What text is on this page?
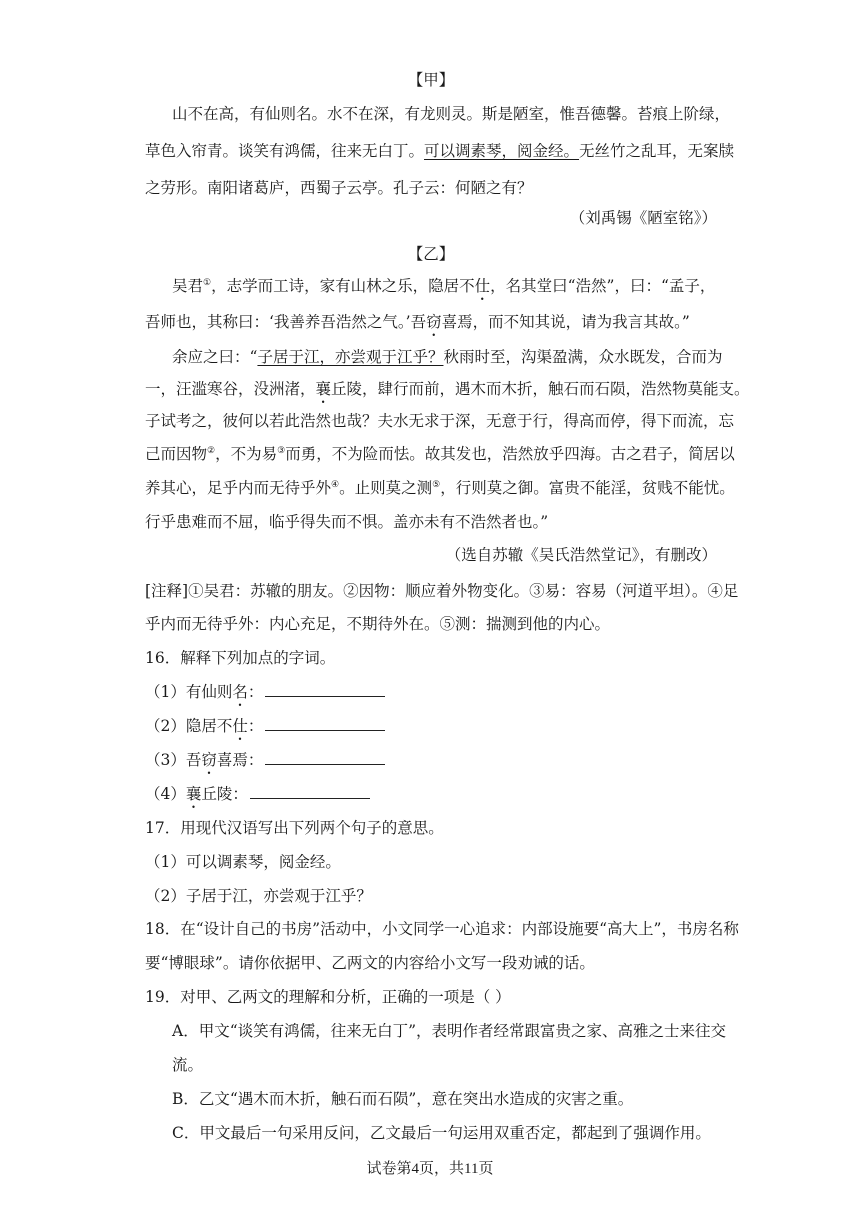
【甲】
山不在高，有仙则名。水不在深，有龙则灵。斯是陋室，惟吾德馨。苔痕上阶绿，
草色入帘青。谈笑有鸿儒，往来无白丁。可以调素琴，阅金经。无丝竹之乱耳，无案牍
之劳形。南阳诸葛庐，西蜀子云亭。孔子云：何陋之有？
（刘禹锡《陋室铭》）
【乙】
吴君①，志学而工诗，家有山林之乐，隐居不仕，名其堂曰“浩然”，曰：“孟子，
吾师也，其称曰：‘我善养吾浩然之气。’吾窃喜焉，而不知其说，请为我言其故。”
余应之曰：“子居于江，亦尝观于江乎？秋雨时至，沟渠盈满，众水既发，合而为
一，汪滥寒谷，没洲渚，襄丘陵，肆行而前，遇木而木折，触石而石陨，浩然物莫能支。
子试考之，彼何以若此浩然也哉？夫水无求于深，无意于行，得高而停，得下而流，忘
己而因物②，不为易③而勇，不为险而怯。故其发也，浩然放乎四海。古之君子，简居以
养其心，足乎内而无待乎外④。止则莫之测⑤，行则莫之御。富贵不能淫，贫贱不能忧。
行乎患难而不屈，临乎得失而不惧。盖亦未有不浩然者也。”
（选自苏辙《吴氏浩然堂记》，有删改）
[注释]①吴君：苏辙的朋友。②因物：顺应着外物变化。③易：容易（河道平坦）。④足
乎内而无待乎外：内心充足，不期待外在。⑤测：揣测到他的内心。
16．解释下列加点的字词。
（1）有仙则名：
（2）隐居不仕：
（3）吾窃喜焉：
（4）襄丘陵：
17．用现代汉语写出下列两个句子的意思。
（1）可以调素琴，阅金经。
（2）子居于江，亦尝观于江乎？
18．在“设计自己的书房”活动中，小文同学一心追求：内部设施要“高大上”，书房名称
要“博眼球”。请你依据甲、乙两文的内容给小文写一段劝诫的话。
19．对甲、乙两文的理解和分析，正确的一项是（ ）
A．甲文“谈笑有鸿儒，往来无白丁”，表明作者经常跟富贵之家、高雅之士来往交
流。
B．乙文“遇木而木折，触石而石陨”，意在突出水造成的灾害之重。
C．甲文最后一句采用反问，乙文最后一句运用双重否定，都起到了强调作用。
试卷第4页，共11页
